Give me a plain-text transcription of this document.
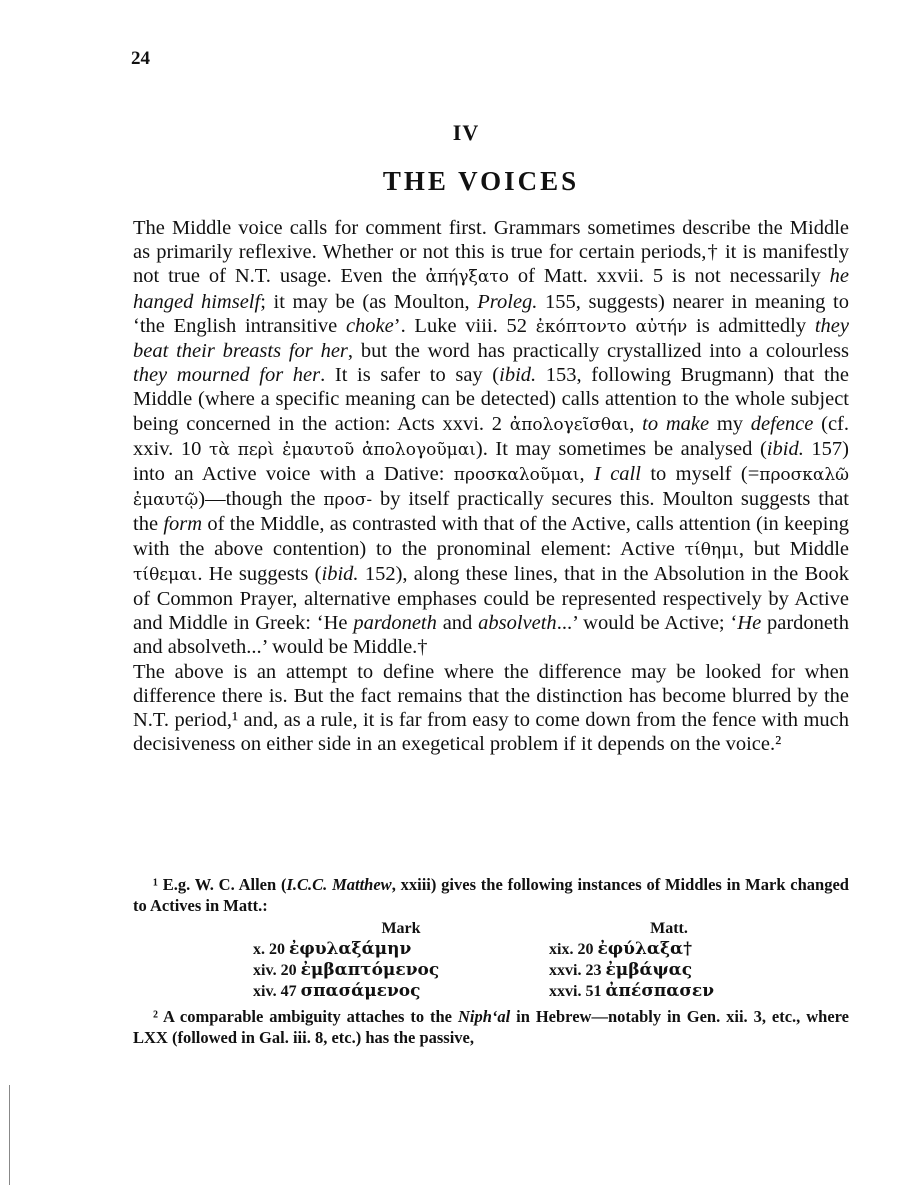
24
IV
THE VOICES

The Middle voice calls for comment first. Grammars sometimes describe the Middle as primarily reflexive. Whether or not this is true for certain periods,† it is manifestly not true of N.T. usage. Even the ἀπήγξατο of Matt. xxvii. 5 is not necessarily he hanged himself; it may be (as Moulton, Proleg. 155, suggests) nearer in meaning to ‘the English intransitive choke’. Luke viii. 52 ἐκόπτοντο αὐτήν is admittedly they beat their breasts for her, but the word has practically crystallized into a colourless they mourned for her. It is safer to say (ibid. 153, following Brugmann) that the Middle (where a specific meaning can be detected) calls attention to the whole subject being concerned in the action: Acts xxvi. 2 ἀπολογεῖσθαι, to make my defence (cf. xxiv. 10 τὰ περὶ ἐμαυτοῦ ἀπολογοῦμαι). It may sometimes be analysed (ibid. 157) into an Active voice with a Dative: προσκαλοῦμαι, I call to myself (=προσκαλῶ ἐμαυτῷ)—though the προσ- by itself practically secures this. Moulton suggests that the form of the Middle, as contrasted with that of the Active, calls attention (in keeping with the above contention) to the pronominal element: Active τίθημι, but Middle τίθεμαι. He suggests (ibid. 152), along these lines, that in the Absolution in the Book of Common Prayer, alternative emphases could be represented respectively by Active and Middle in Greek: ‘He pardoneth and absolveth...’ would be Active; ‘He pardoneth and absolveth...’ would be Middle.†

The above is an attempt to define where the difference may be looked for when difference there is. But the fact remains that the distinction has become blurred by the N.T. period,¹ and, as a rule, it is far from easy to come down from the fence with much decisiveness on either side in an exegetical problem if it depends on the voice.²

¹ E.g. W. C. Allen (I.C.C. Matthew, xxiii) gives the following instances of Middles in Mark changed to Actives in Matt.:

Mark	Matt.
x. 20 ἐφυλαξάμην	xix. 20 ἐφύλαξα†
xiv. 20 ἐμβαπτόμενος	xxvi. 23 ἐμβάψας
xiv. 47 σπασάμενος	xxvi. 51 ἀπέσπασεν

² A comparable ambiguity attaches to the Niph‘al in Hebrew—notably in Gen. xii. 3, etc., where LXX (followed in Gal. iii. 8, etc.) has the passive,
